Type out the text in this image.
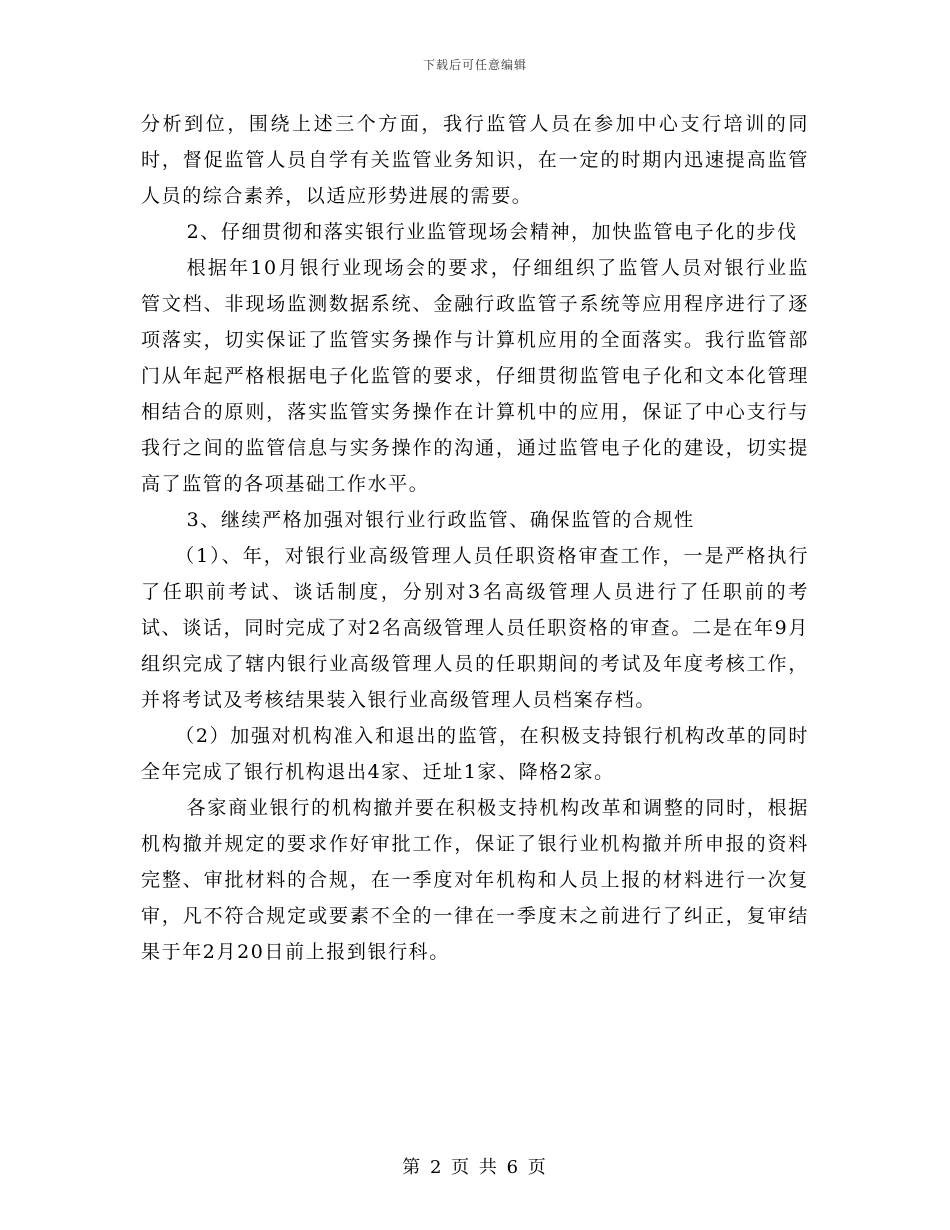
下载后可任意编辑

分析到位，围绕上述三个方面，我行监管人员在参加中心支行培训的同时，督促监管人员自学有关监管业务知识，在一定的时期内迅速提高监管人员的综合素养，以适应形势进展的需要。

2、仔细贯彻和落实银行业监管现场会精神，加快监管电子化的步伐

根据年10月银行业现场会的要求，仔细组织了监管人员对银行业监管文档、非现场监测数据系统、金融行政监管子系统等应用程序进行了逐项落实，切实保证了监管实务操作与计算机应用的全面落实。我行监管部门从年起严格根据电子化监管的要求，仔细贯彻监管电子化和文本化管理相结合的原则，落实监管实务操作在计算机中的应用，保证了中心支行与我行之间的监管信息与实务操作的沟通，通过监管电子化的建设，切实提高了监管的各项基础工作水平。

3、继续严格加强对银行业行政监管、确保监管的合规性

（1）、年，对银行业高级管理人员任职资格审查工作，一是严格执行了任职前考试、谈话制度，分别对3名高级管理人员进行了任职前的考试、谈话，同时完成了对2名高级管理人员任职资格的审查。二是在年9月组织完成了辖内银行业高级管理人员的任职期间的考试及年度考核工作，并将考试及考核结果装入银行业高级管理人员档案存档。

（2）加强对机构准入和退出的监管，在积极支持银行机构改革的同时全年完成了银行机构退出4家、迁址1家、降格2家。

各家商业银行的机构撤并要在积极支持机构改革和调整的同时，根据机构撤并规定的要求作好审批工作，保证了银行业机构撤并所申报的资料完整、审批材料的合规，在一季度对年机构和人员上报的材料进行一次复审，凡不符合规定或要素不全的一律在一季度末之前进行了纠正，复审结果于年2月20日前上报到银行科。

第 2 页 共 6 页
